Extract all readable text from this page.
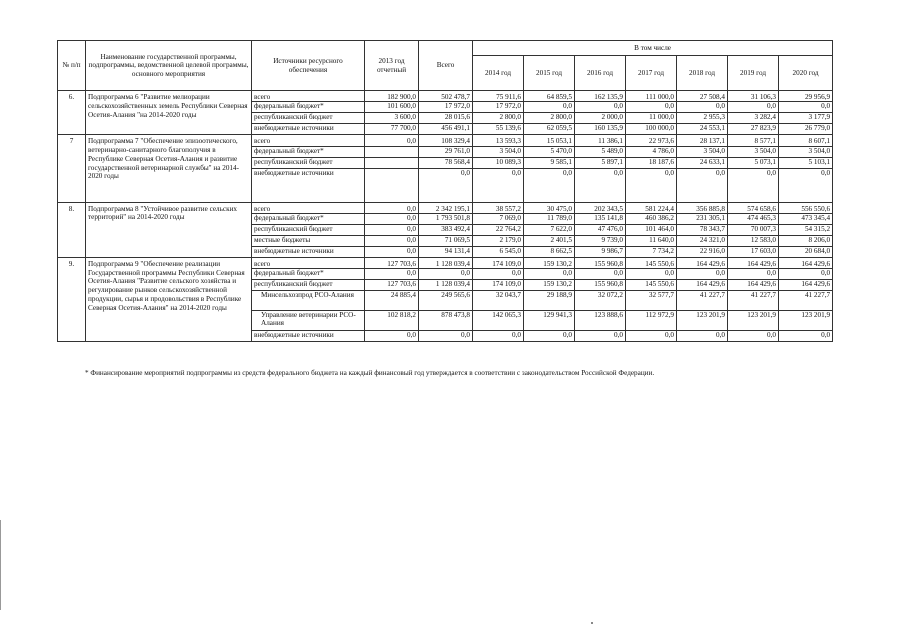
№ п/п	Наименование государственной программы, подпрограммы, ведомственной целевой программы, основного мероприятия	Источники ресурсного обеспечения	2013 год отчетный	Всего	В том числе						
					2014 год	2015 год	2016 год	2017 год	2018 год	2019 год	2020 год
6.	Подпрограмма 6 "Развитие мелиорации сельскохозяйственных земель Республики Северная Осетия-Алания "на 2014-2020 годы	всего	182 900,0	502 478,7	75 911,6	64 859,5	162 135,9	111 000,0	27 508,4	31 106,3	29 956,9
		федеральный бюджет*	101 600,0	17 972,0	17 972,0	0,0	0,0	0,0	0,0	0,0	0,0
		республиканский бюджет	3 600,0	28 015,6	2 800,0	2 800,0	2 000,0	11 000,0	2 955,3	3 282,4	3 177,9
		внебюджетные источники	77 700,0	456 491,1	55 139,6	62 059,5	160 135,9	100 000,0	24 553,1	27 823,9	26 779,0
7	Подпрограмма 7 "Обеспечение эпизоотического, ветеринарно-санитарного благополучия в Республике Северная Осетия-Алания и развитие государственной ветеринарной службы" на 2014-2020 годы	всего	0,0	108 329,4	13 593,3	15 053,1	11 386,1	22 973,6	28 137,1	8 577,1	8 607,1
		федеральный бюджет*		29 761,0	3 504,0	5 470,0	5 489,0	4 786,0	3 504,0	3 504,0	3 504,0
		республиканский бюджет		78 568,4	10 089,3	9 585,1	5 897,1	18 187,6	24 633,1	5 073,1	5 103,1
		внебюджетные источники		0,0	0,0	0,0	0,0	0,0	0,0	0,0	0,0
8.	Подпрограмма 8 "Устойчивое развитие сельских территорий" на 2014-2020 годы	всего	0,0	2 342 195,1	38 557,2	30 475,0	202 343,5	581 224,4	356 885,8	574 658,6	556 550,6
		федеральный бюджет*	0,0	1 793 501,8	7 069,0	11 789,0	135 141,8	460 386,2	231 305,1	474 465,3	473 345,4
		республиканский бюджет	0,0	383 492,4	22 764,2	7 622,0	47 476,0	101 464,0	78 343,7	70 007,3	54 315,2
		местные бюджеты	0,0	71 069,5	2 179,0	2 401,5	9 739,0	11 640,0	24 321,0	12 583,0	8 206,0
		внебюджетные источники	0,0	94 131,4	6 545,0	8 662,5	9 986,7	7 734,2	22 916,0	17 603,0	20 684,0
9.	Подпрограмма 9 "Обеспечение реализации Государственной программы Республики Северная Осетия-Алания "Развитие сельского хозяйства и регулирование рынков сельскохозяйственной продукции, сырья и продовольствия в Республике Северная Осетия-Алания" на 2014-2020 годы	всего	127 703,6	1 128 039,4	174 109,0	159 130,2	155 960,8	145 550,6	164 429,6	164 429,6	164 429,6
		федеральный бюджет*	0,0	0,0	0,0	0,0	0,0	0,0	0,0	0,0	0,0
		республиканский бюджет	127 703,6	1 128 039,4	174 109,0	159 130,2	155 960,8	145 550,6	164 429,6	164 429,6	164 429,6
		Минсельхозпрод РСО-Алания	24 885,4	249 565,6	32 043,7	29 188,9	32 072,2	32 577,7	41 227,7	41 227,7	41 227,7
		Управление ветеринарии РСО-Алания	102 818,2	878 473,8	142 065,3	129 941,3	123 888,6	112 972,9	123 201,9	123 201,9	123 201,9
		внебюджетные источники	0,0	0,0	0,0	0,0	0,0	0,0	0,0	0,0	0,0
* Финансирование мероприятий подпрограммы из средств федерального бюджета на каждый финансовый год утверждается в соответствии с законодательством Российской Федерации.
